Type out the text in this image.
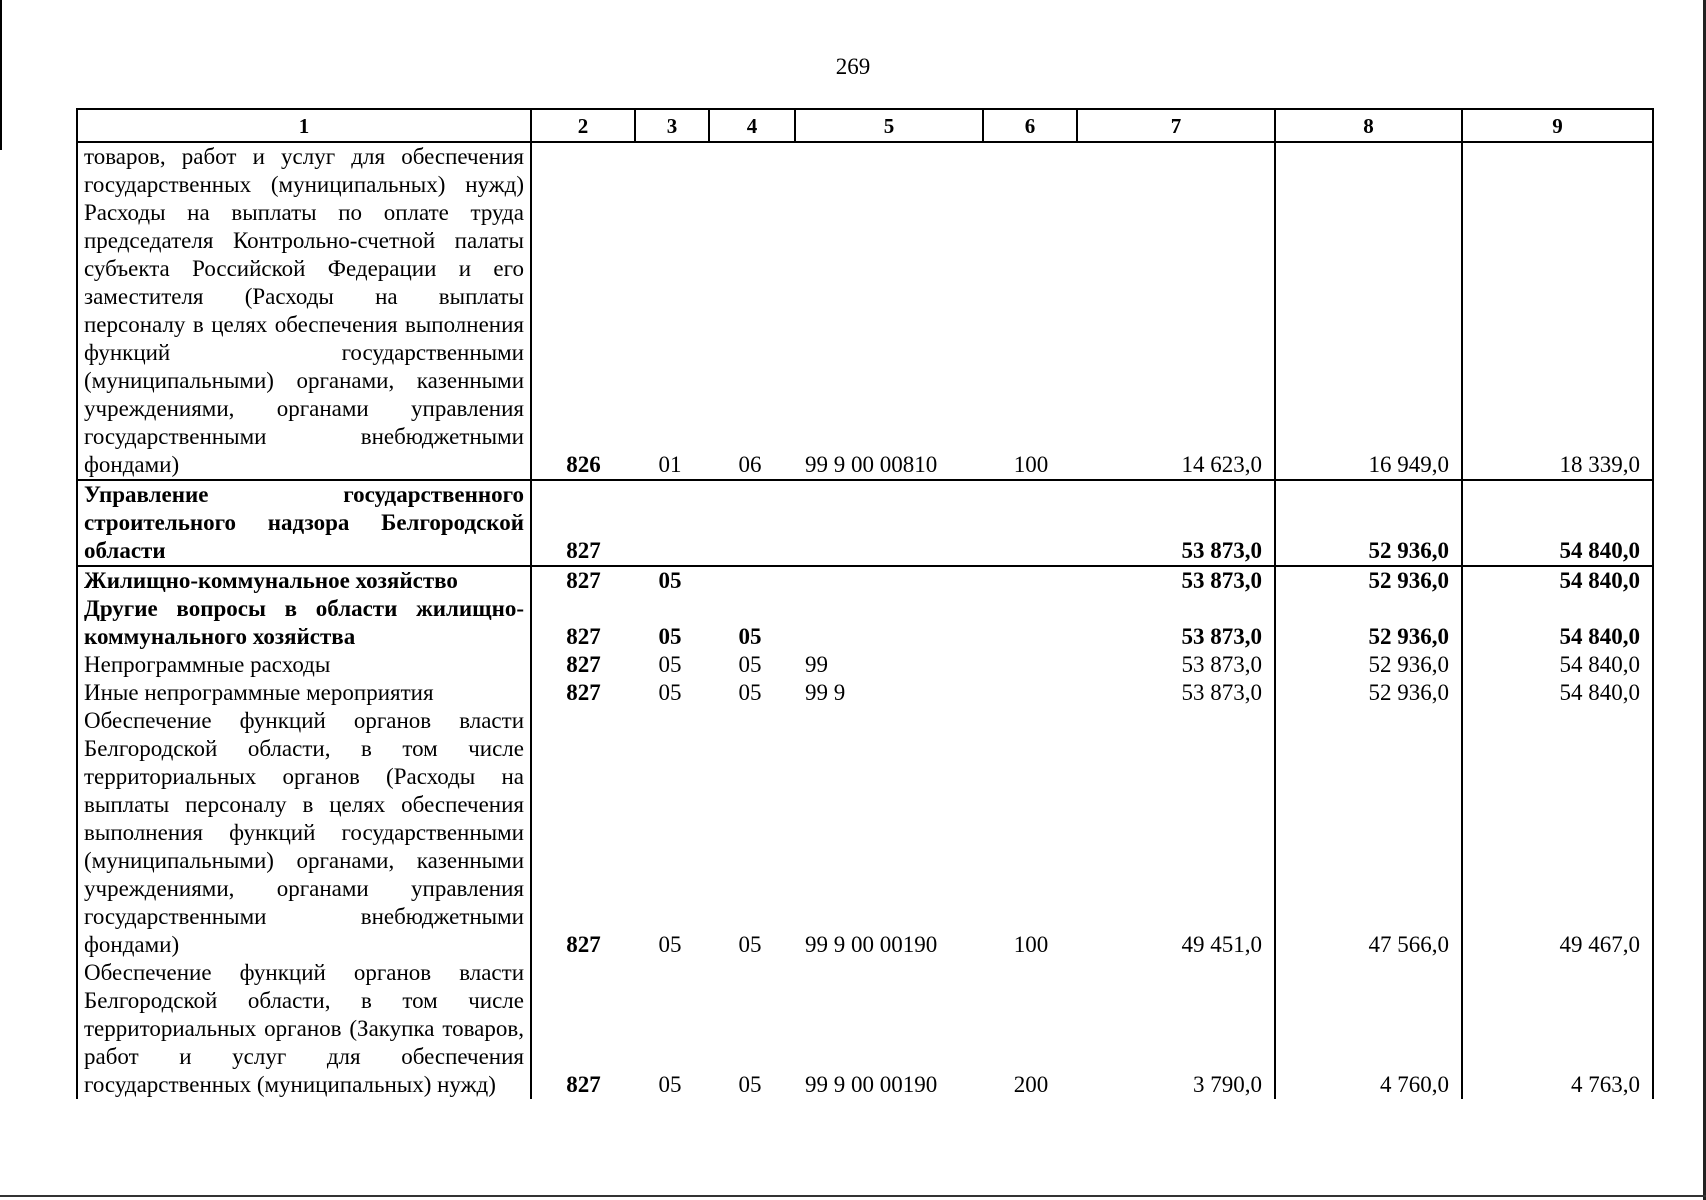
269
1	2	3	4	5	6	7	8	9
товаров, работ и услуг для обеспечения государственных (муниципальных) нужд) Расходы на выплаты по оплате труда председателя Контрольно-счетной палаты субъекта Российской Федерации и его заместителя (Расходы на выплаты персоналу в целях обеспечения выполнения функций государственными (муниципальными) органами, казенными учреждениями, органами управления государственными внебюджетными фондами)	826	01	06	99 9 00 00810	100	14 623,0	16 949,0	18 339,0
Управление государственного строительного надзора Белгородской области	827					53 873,0	52 936,0	54 840,0
Жилищно-коммунальное хозяйство	827	05				53 873,0	52 936,0	54 840,0
Другие вопросы в области жилищно-коммунального хозяйства	827	05	05			53 873,0	52 936,0	54 840,0
Непрограммные расходы	827	05	05	99		53 873,0	52 936,0	54 840,0
Иные непрограммные мероприятия	827	05	05	99 9		53 873,0	52 936,0	54 840,0
Обеспечение функций органов власти Белгородской области, в том числе территориальных органов (Расходы на выплаты персоналу в целях обеспечения выполнения функций государственными (муниципальными) органами, казенными учреждениями, органами управления государственными внебюджетными фондами)	827	05	05	99 9 00 00190	100	49 451,0	47 566,0	49 467,0
Обеспечение функций органов власти Белгородской области, в том числе территориальных органов (Закупка товаров, работ и услуг для обеспечения государственных (муниципальных) нужд)	827	05	05	99 9 00 00190	200	3 790,0	4 760,0	4 763,0
